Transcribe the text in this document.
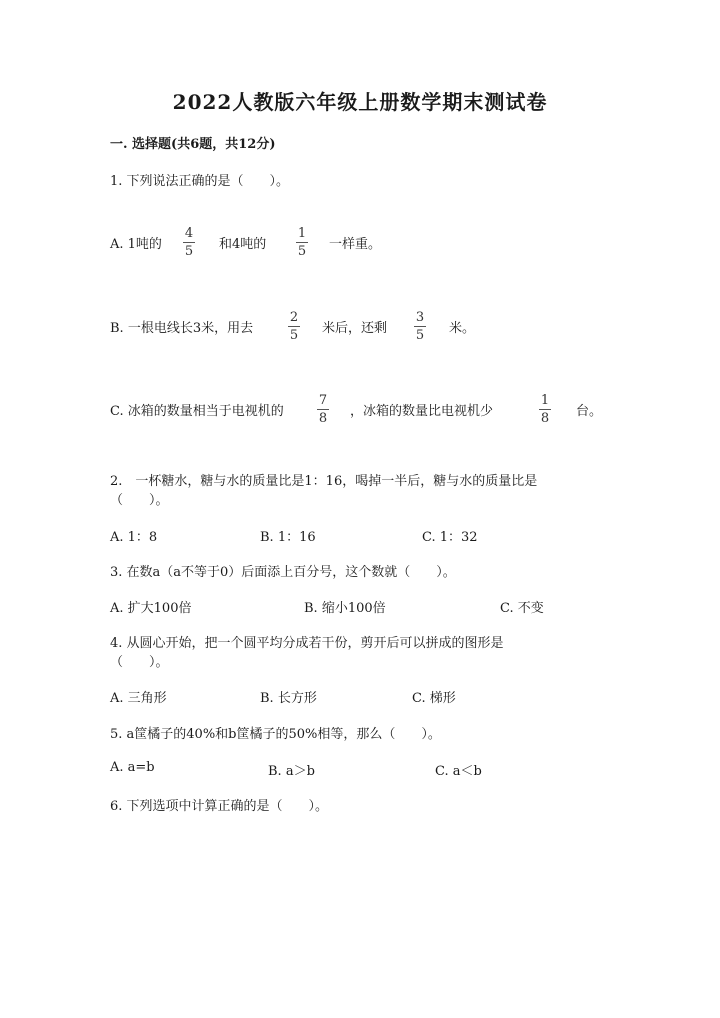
2022人教版六年级上册数学期末测试卷
一. 选择题(共6题，共12分)
1. 下列说法正确的是（　　）。
A. 1吨的
4
5 和4吨的
1
5 一样重。
B. 一根电线长3米，用去
2
5 米后，还剩
3
5 米。
C. 冰箱的数量相当于电视机的
7
8 ，冰箱的数量比电视机少
1
8 台。
2.　一杯糖水，糖与水的质量比是1：16，喝掉一半后，糖与水的质量比是
（　　）。
A. 1：8	B. 1：16	C. 1：32
3. 在数a（a不等于0）后面添上百分号，这个数就（　　）。
A. 扩大100倍	B. 缩小100倍	C. 不变
4. 从圆心开始，把一个圆平均分成若干份，剪开后可以拼成的图形是
（　　）。
A. 三角形	B. 长方形	C. 梯形
5. a筐橘子的40%和b筐橘子的50%相等，那么（　　）。
A. a=b	B. a＞b	C. a＜b
6. 下列选项中计算正确的是（　　）。
